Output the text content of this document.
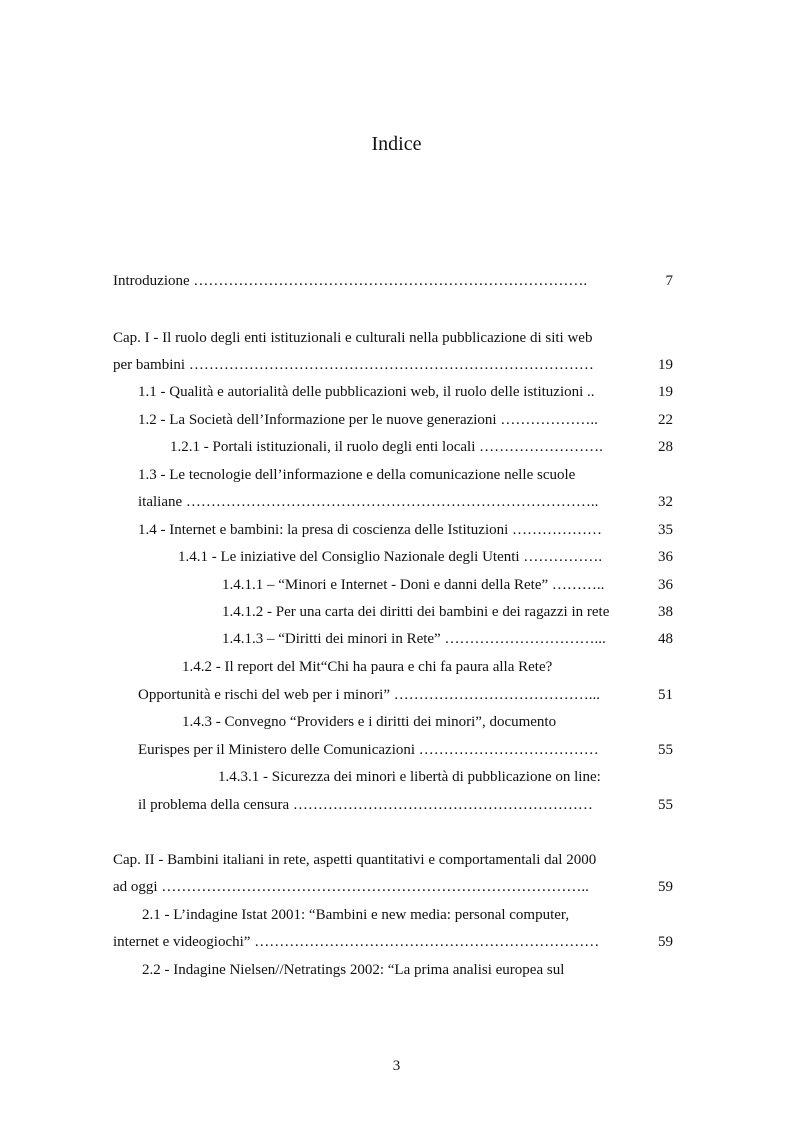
Indice
Introduzione …………………………………………………………………….	7
Cap. I - Il ruolo degli enti istituzionali e culturali nella pubblicazione di siti web
per bambini ………………………………………………………………………	19
1.1 - Qualità e autorialità delle pubblicazioni web, il ruolo delle istituzioni ..	19
1.2 - La Società dell’Informazione per le nuove generazioni ………………..	22
1.2.1 - Portali istituzionali, il ruolo degli enti locali …………………….	28
1.3 - Le tecnologie dell’informazione e della comunicazione nelle scuole
italiane ………………………………………………………………………..	32
1.4 - Internet e bambini: la presa di coscienza delle Istituzioni ………………	35
1.4.1 - Le iniziative del Consiglio Nazionale degli Utenti …………….	36
1.4.1.1 – “Minori e Internet - Doni e danni della Rete” ………..	36
1.4.1.2 - Per una carta dei diritti dei bambini e dei ragazzi in rete	38
1.4.1.3 – “Diritti dei minori in Rete” …………………………...	48
1.4.2 - Il report del Mit“Chi ha paura e chi fa paura alla Rete?
Opportunità e rischi del web per i minori” …………………………………...	51
1.4.3 - Convegno “Providers e i diritti dei minori”, documento
Eurispes per il Ministero delle Comunicazioni ………………………………	55
1.4.3.1 - Sicurezza dei minori e libertà di pubblicazione on line:
il problema della censura ……………………………………………………	55
Cap. II - Bambini italiani in rete, aspetti quantitativi e comportamentali dal 2000
ad oggi …………………………………………………………………………..	59
2.1 - L’indagine Istat 2001: “Bambini e new media: personal computer,
internet e videogiochi” ……………………………………………………………	59
2.2 - Indagine Nielsen//Netratings 2002: “La prima analisi europea sul
3
